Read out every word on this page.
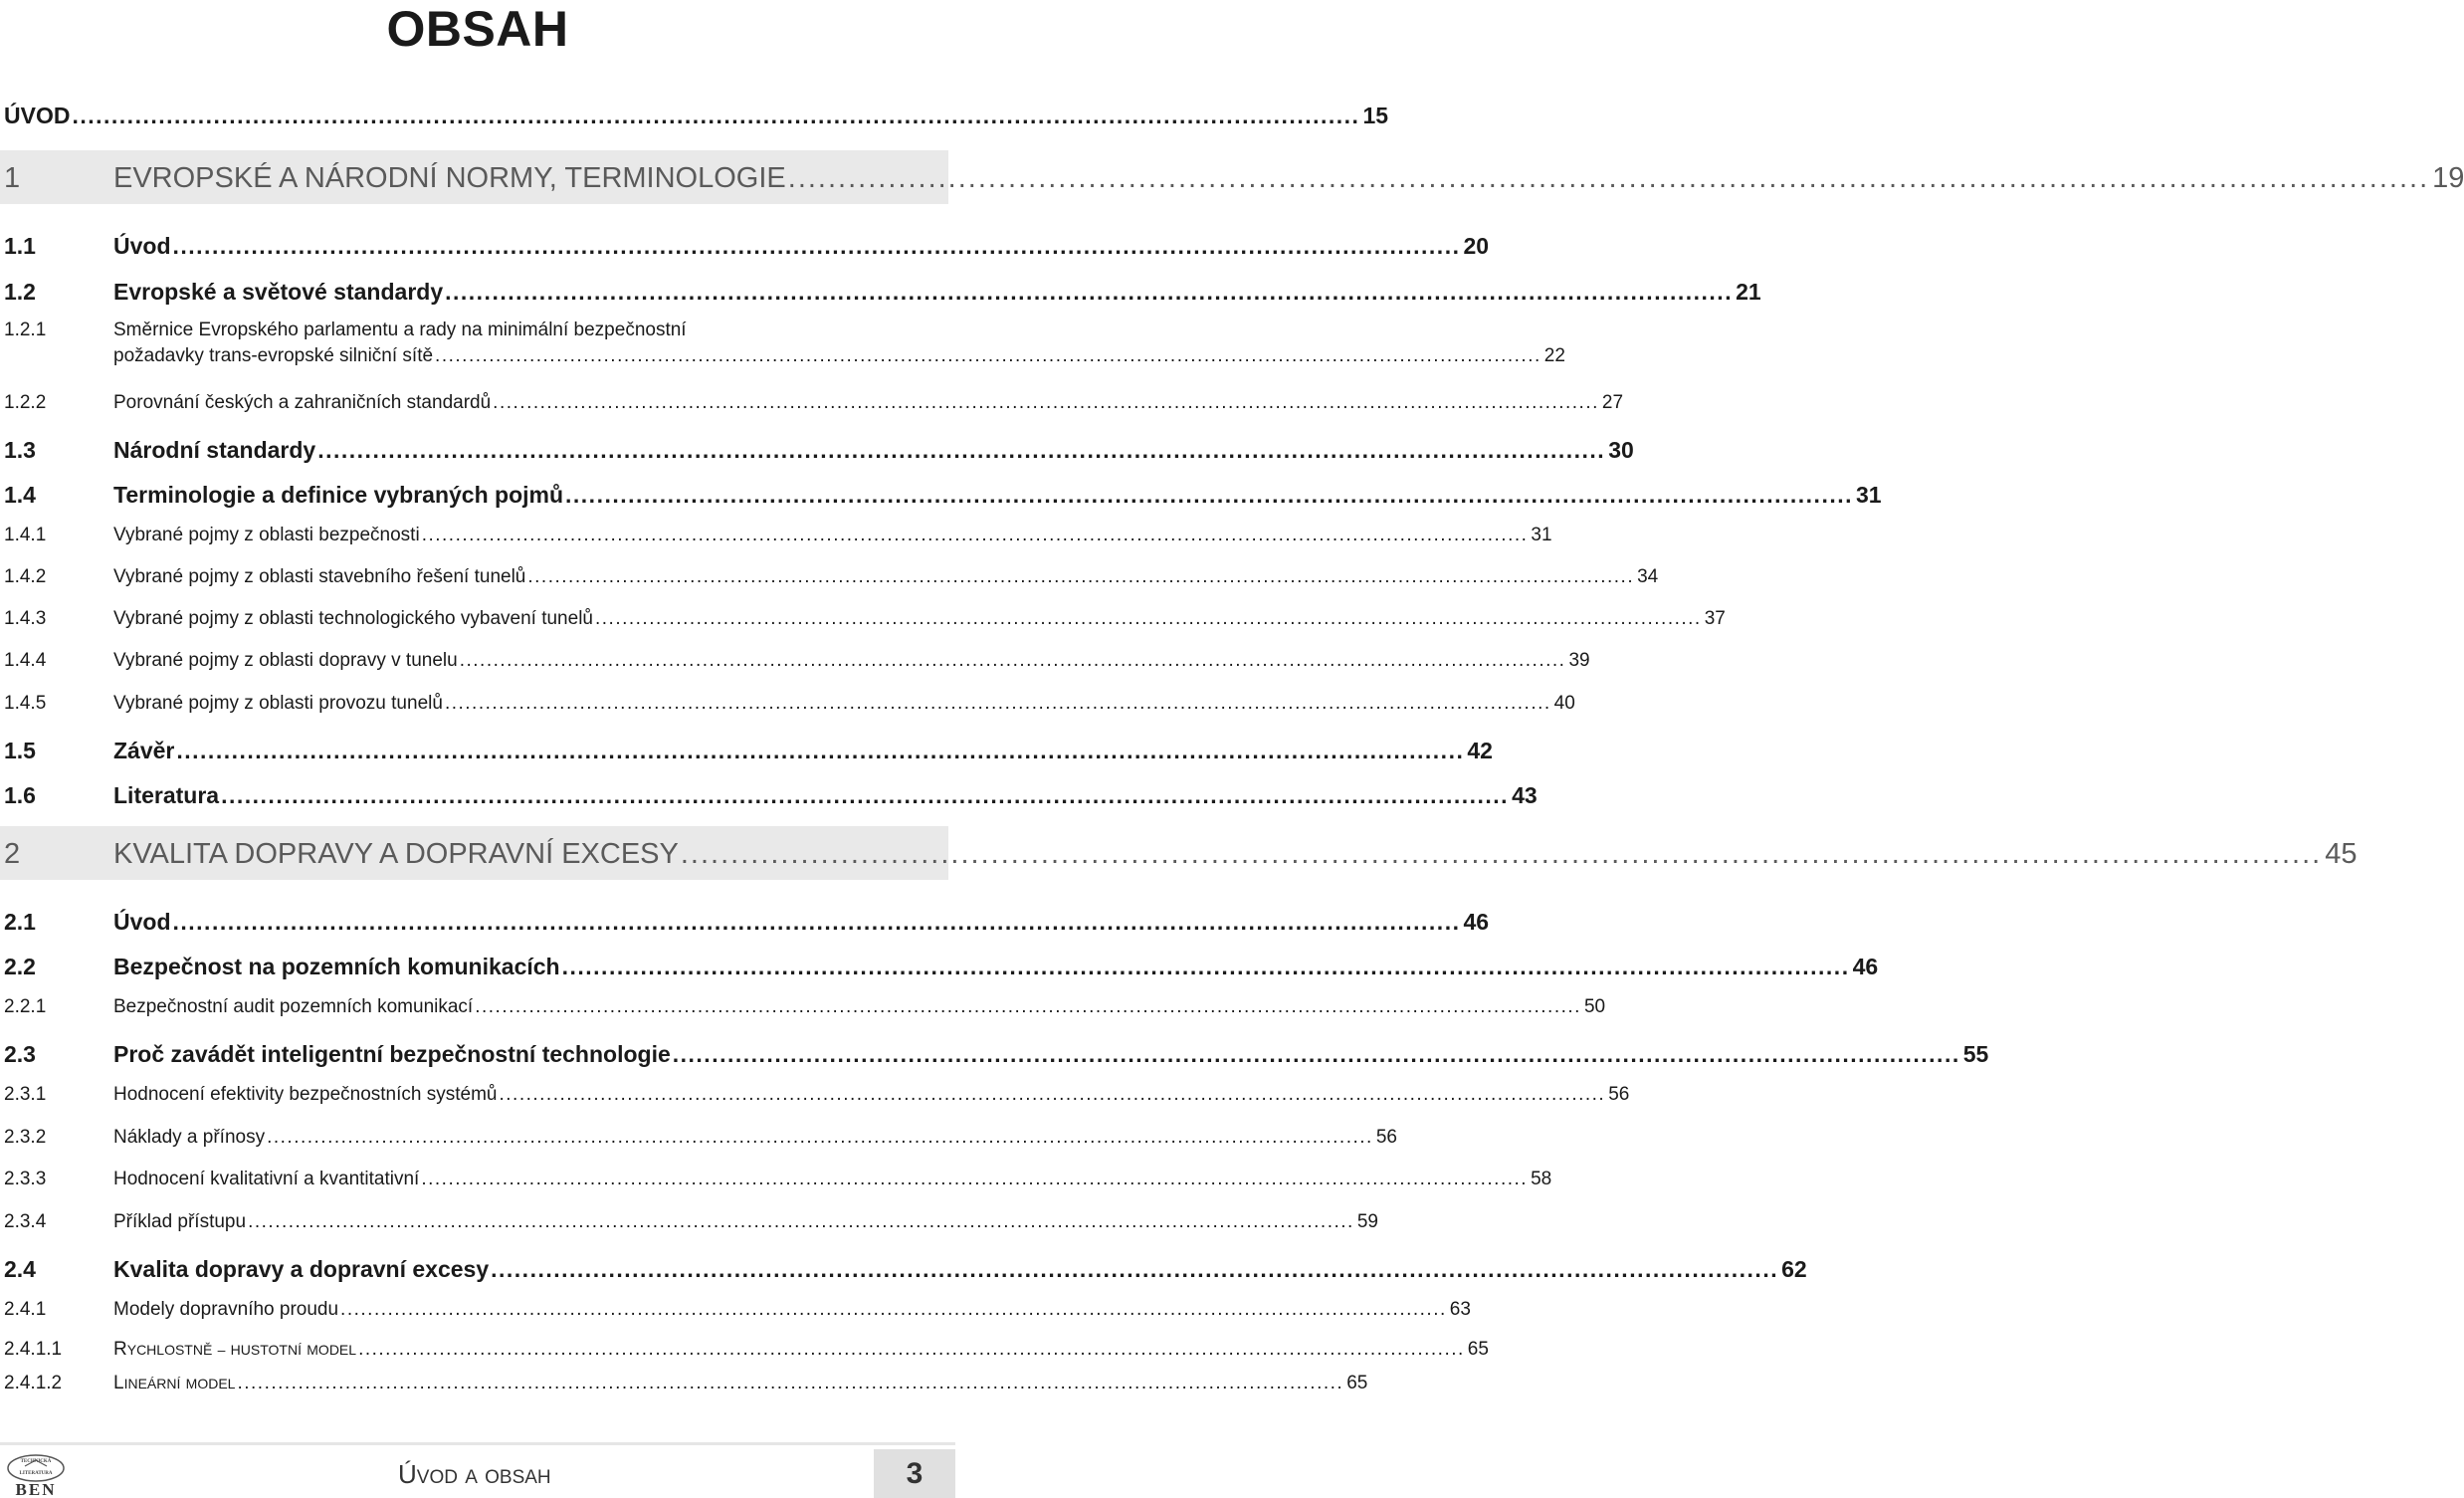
OBSAH
ÚVOD .................................................................................................................................................................... 15
1	EVROPSKÉ A NÁRODNÍ NORMY, TERMINOLOGIE .................................................................................................................................................................... 19
1.1	Úvod .................................................................................................................................................................... 20
1.2	Evropské a světové standardy .................................................................................................................................................................... 21
1.2.1	Směrnice Evropského parlamentu a rady na minimální bezpečnostní
požadavky trans-evropské silniční sítě .................................................................................................................................................................... 22
1.2.2	Porovnání českých a zahraničních standardů .................................................................................................................................................................... 27
1.3	Národní standardy .................................................................................................................................................................... 30
1.4	Terminologie a definice vybraných pojmů .................................................................................................................................................................... 31
1.4.1	Vybrané pojmy z oblasti bezpečnosti .................................................................................................................................................................... 31
1.4.2	Vybrané pojmy z oblasti stavebního řešení tunelů .................................................................................................................................................................... 34
1.4.3	Vybrané pojmy z oblasti technologického vybavení tunelů .................................................................................................................................................................... 37
1.4.4	Vybrané pojmy z oblasti dopravy v tunelu .................................................................................................................................................................... 39
1.4.5	Vybrané pojmy z oblasti provozu tunelů .................................................................................................................................................................... 40
1.5	Závěr .................................................................................................................................................................... 42
1.6	Literatura .................................................................................................................................................................... 43
2	KVALITA DOPRAVY A DOPRAVNÍ EXCESY .................................................................................................................................................................... 45
2.1	Úvod .................................................................................................................................................................... 46
2.2	Bezpečnost na pozemních komunikacích .................................................................................................................................................................... 46
2.2.1	Bezpečnostní audit pozemních komunikací .................................................................................................................................................................... 50
2.3	Proč zavádět inteligentní bezpečnostní technologie .................................................................................................................................................................... 55
2.3.1	Hodnocení efektivity bezpečnostních systémů .................................................................................................................................................................... 56
2.3.2	Náklady a přínosy .................................................................................................................................................................... 56
2.3.3	Hodnocení kvalitativní a kvantitativní .................................................................................................................................................................... 58
2.3.4	Příklad přístupu .................................................................................................................................................................... 59
2.4	Kvalita dopravy a dopravní excesy .................................................................................................................................................................... 62
2.4.1	Modely dopravního proudu .................................................................................................................................................................... 63
2.4.1.1	RYCHLOSTNĚ – HUSTOTNÍ MODEL .................................................................................................................................................................... 65
2.4.1.2	LINEÁRNÍ MODEL .................................................................................................................................................................... 65
TECHNICKÁ
LITERATURA
BEN
ÚVOD A OBSAH	3
